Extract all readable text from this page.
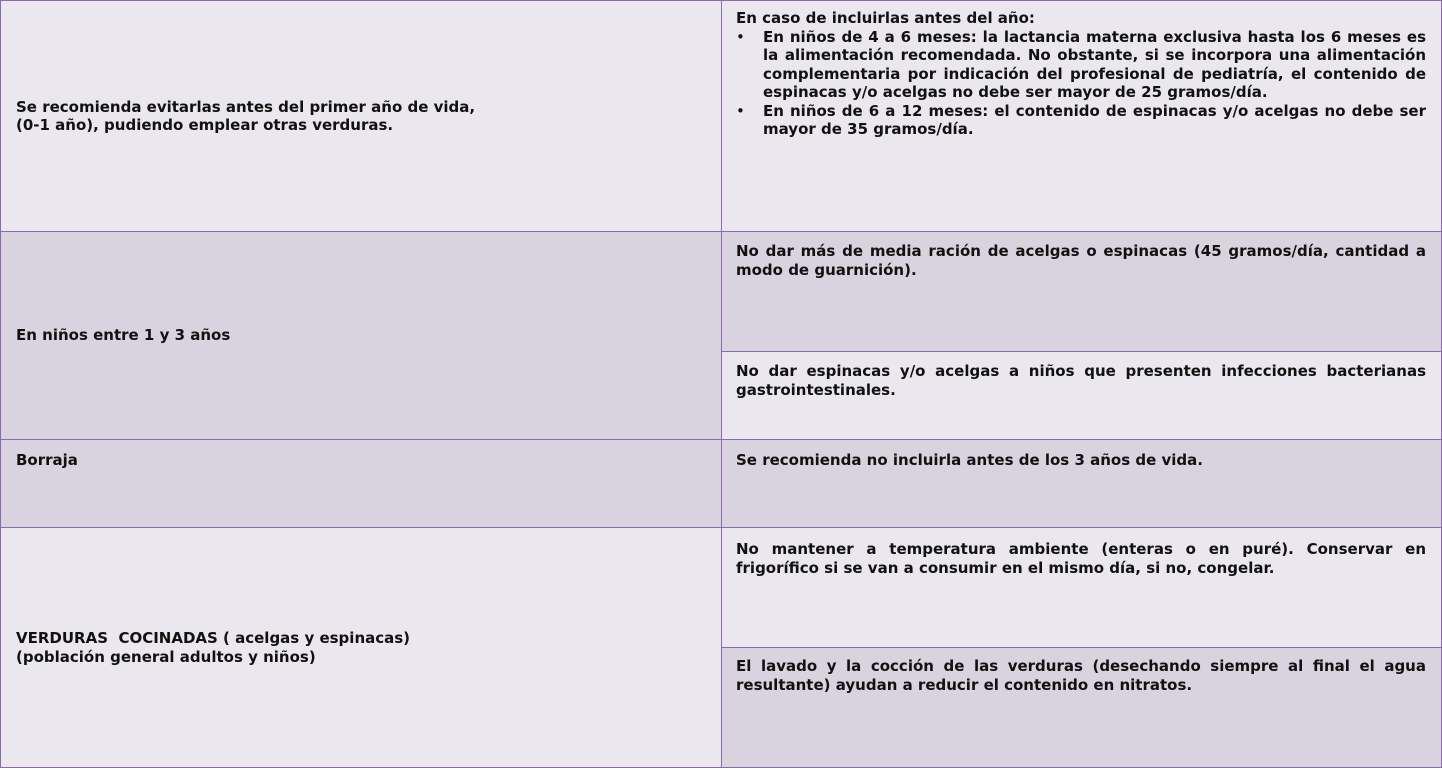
Se recomienda evitarlas antes del primer año de vida,
(0-1 año), pudiendo emplear otras verduras.
En caso de incluirlas antes del año:
• En niños de 4 a 6 meses: la lactancia materna exclusiva hasta los 6 meses es la alimentación recomendada. No obstante, si se incorpora una alimentación complementaria por indicación del profesional de pediatría, el contenido de espinacas y/o acelgas no debe ser mayor de 25 gramos/día.
• En niños de 6 a 12 meses: el contenido de espinacas y/o acelgas no debe ser mayor de 35 gramos/día.
En niños entre 1 y 3 años
No dar más de media ración de acelgas o espinacas (45 gramos/día, cantidad a modo de guarnición).
No dar espinacas y/o acelgas a niños que presenten infecciones bacterianas gastrointestinales.
Borraja	Se recomienda no incluirla antes de los 3 años de vida.
VERDURAS  COCINADAS ( acelgas y espinacas)
(población general adultos y niños)
No mantener a temperatura ambiente (enteras o en puré). Conservar en frigorífico si se van a consumir en el mismo día, si no, congelar.
El lavado y la cocción de las verduras (desechando siempre al final el agua resultante) ayudan a reducir el contenido en nitratos.
